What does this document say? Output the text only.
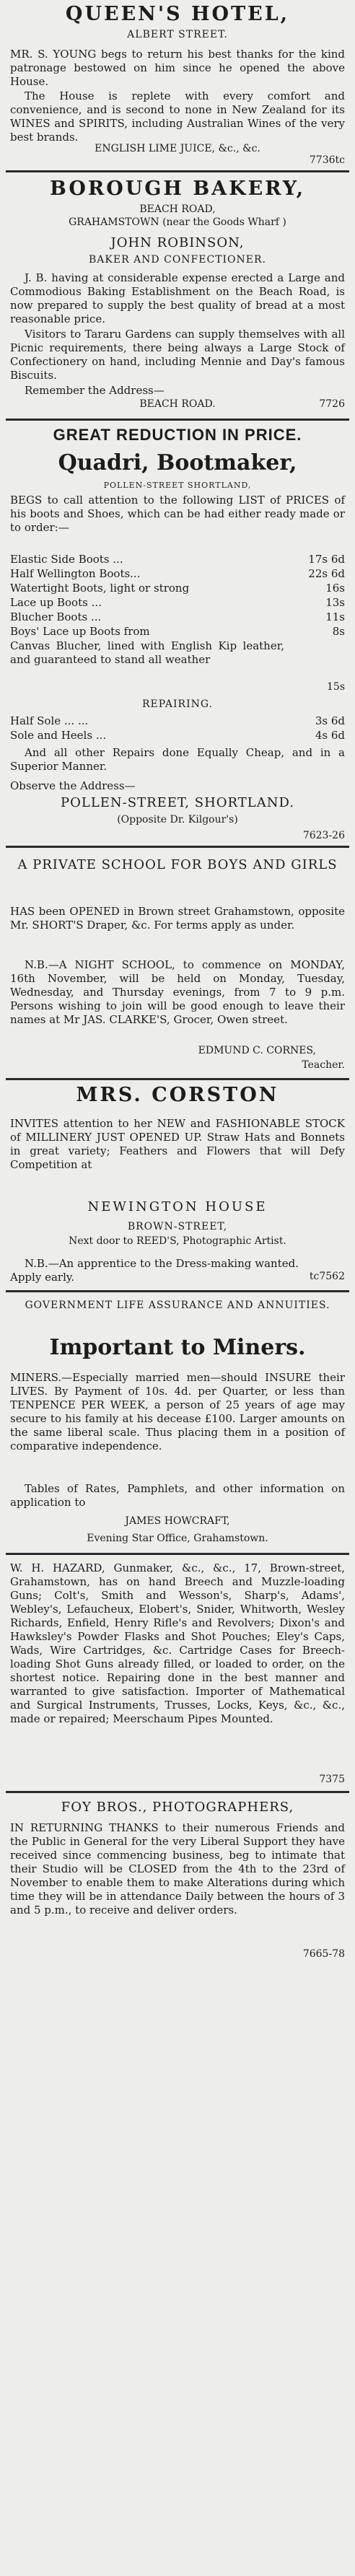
QUEEN'S HOTEL,
ALBERT STREET.

MR. S. YOUNG begs to return his best thanks for the kind patronage bestowed on him since he opened the above House.

The House is replete with every comfort and convenience, and is second to none in New Zealand for its WINES and SPIRITS, including Australian Wines of the very best brands.

ENGLISH LIME JUICE, &c., &c.
7736tc
BOROUGH BAKERY,
BEACH ROAD,
GRAHAMSTOWN (near the Goods Wharf )
JOHN ROBINSON,
BAKER AND CONFECTIONER.

J. B. having at considerable expense erected a Large and Commodious Baking Establishment on the Beach Road, is now prepared to supply the best quality of bread at a most reasonable price.

Visitors to Tararu Gardens can supply themselves with all Picnic requirements, there being always a Large Stock of Confectionery on hand, including Mennie and Day's famous Biscuits.

Remember the Address—
BEACH ROAD.	7726
GREAT REDUCTION IN PRICE.
Quadri, Bootmaker,
POLLEN-STREET SHORTLAND,

BEGS to call attention to the following LIST of PRICES of his boots and Shoes, which can be had either ready made or to order:—

Elastic Side Boots ...	17s 6d
Half Wellington Boots...	22s 6d
Watertight Boots, light or strong	16s
Lace up Boots ...	13s
Blucher Boots ...	11s
Boys' Lace up Boots from	8s

Canvas Blucher, lined with English Kip leather, and guaranteed to stand all weather

15s
REPAIRING.
Half Sole ... ...	3s 6d
Sole and Heels ...	4s 6d

And all other Repairs done Equally Cheap, and in a Superior Manner.

Observe the Address—
POLLEN-STREET, SHORTLAND.
(Opposite Dr. Kilgour's)
7623-26
A PRIVATE SCHOOL FOR BOYS AND GIRLS

HAS been OPENED in Brown street Grahamstown, opposite Mr. SHORT'S Draper, &c. For terms apply as under.

N.B.—A NIGHT SCHOOL, to commence on MONDAY, 16th November, will be held on Monday, Tuesday, Wednesday, and Thursday evenings, from 7 to 9 p.m. Persons wishing to join will be good enough to leave their names at Mr JAS. CLARKE'S, Grocer, Owen street.

EDMUND C. CORNES,
Teacher.
MRS. CORSTON

INVITES attention to her NEW and FASHIONABLE STOCK of MILLINERY JUST OPENED UP. Straw Hats and Bonnets in great variety; Feathers and Flowers that will Defy Competition at

NEWINGTON HOUSE
BROWN-STREET,
Next door to REED'S, Photographic Artist.

N.B.—An apprentice to the Dress-making wanted. Apply early.	tc7562
GOVERNMENT LIFE ASSURANCE AND ANNUITIES.
Important to Miners.

MINERS.—Especially married men—should INSURE their LIVES. By Payment of 10s. 4d. per Quarter, or less than TENPENCE PER WEEK, a person of 25 years of age may secure to his family at his decease £100. Larger amounts on the same liberal scale. Thus placing them in a position of comparative independence.

Tables of Rates, Pamphlets, and other information on application to

JAMES HOWCRAFT,
Evening Star Office, Grahamstown.

W. H. HAZARD, Gunmaker, &c., &c., 17, Brown-street, Grahamstown, has on hand Breech and Muzzle-loading Guns; Colt's, Smith and Wesson's, Sharp's, Adams', Webley's, Lefaucheux, Elobert's, Snider, Whitworth, Wesley Richards, Enfield, Henry Rifle's and Revolvers; Dixon's and Hawksley's Powder Flasks and Shot Pouches; Eley's Caps, Wads, Wire Cartridges, &c. Cartridge Cases for Breech-loading Shot Guns already filled, or loaded to order, on the shortest notice. Repairing done in the best manner and warranted to give satisfaction. Importer of Mathematical and Surgical Instruments, Trusses, Locks, Keys, &c., &c., made or repaired; Meerschaum Pipes Mounted.

7375
FOY BROS., PHOTOGRAPHERS,

IN RETURNING THANKS to their numerous Friends and the Public in General for the very Liberal Support they have received since commencing business, beg to intimate that their Studio will be CLOSED from the 4th to the 23rd of November to enable them to make Alterations during which time they will be in attendance Daily between the hours of 3 and 5 p.m., to receive and deliver orders.

7665-78
